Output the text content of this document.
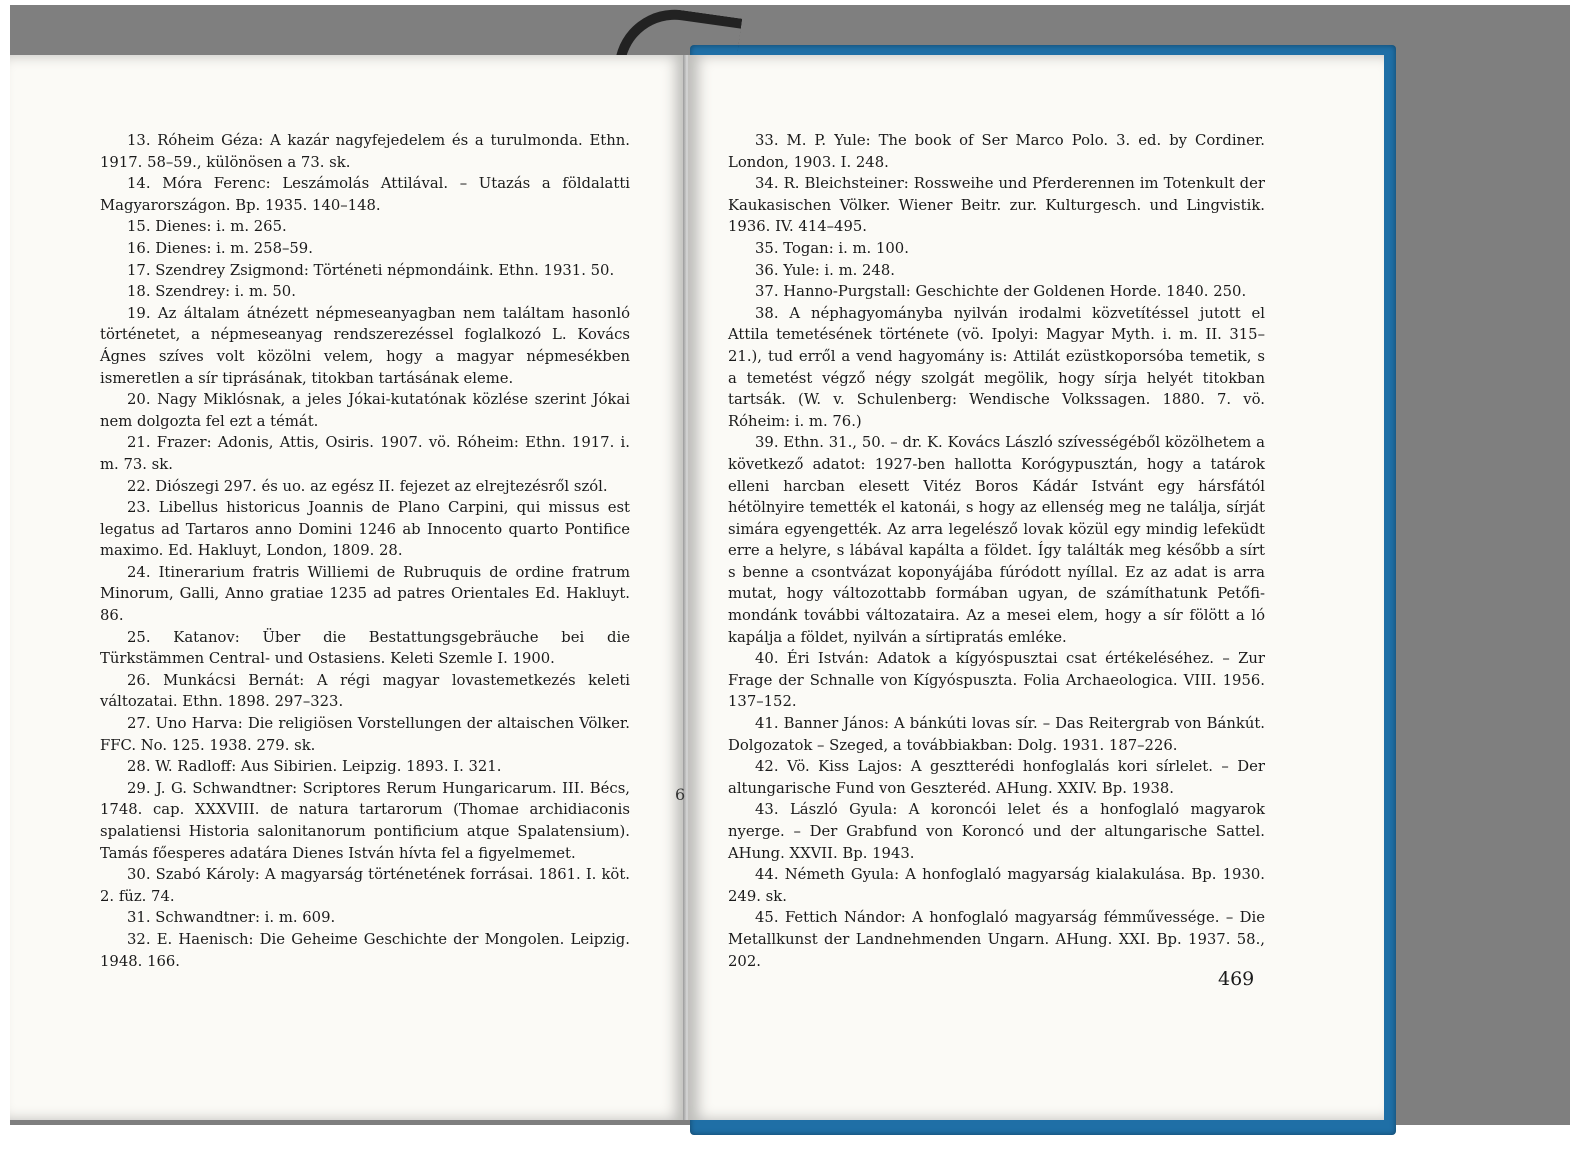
13. Róheim Géza: A kazár nagyfejedelem és a turulmonda. Ethn. 1917. 58–59., különösen a 73. sk.

14. Móra Ferenc: Leszámolás Attilával. – Utazás a földalatti Magyarországon. Bp. 1935. 140–148.

15. Dienes: i. m. 265.

16. Dienes: i. m. 258–59.

17. Szendrey Zsigmond: Történeti népmondáink. Ethn. 1931. 50.

18. Szendrey: i. m. 50.

19. Az általam átnézett népmeseanyagban nem találtam hasonló történetet, a népmeseanyag rendszerezéssel foglalkozó L. Kovács Ágnes szíves volt közölni velem, hogy a magyar népmesékben ismeretlen a sír tiprásának, titokban tartásának eleme.

20. Nagy Miklósnak, a jeles Jókai-kutatónak közlése szerint Jókai nem dolgozta fel ezt a témát.

21. Frazer: Adonis, Attis, Osiris. 1907. vö. Róheim: Ethn. 1917. i. m. 73. sk.

22. Diószegi 297. és uo. az egész II. fejezet az elrejtezésről szól.

23. Libellus historicus Joannis de Plano Carpini, qui missus est legatus ad Tartaros anno Domini 1246 ab Innocento quarto Pontifice maximo. Ed. Hakluyt, London, 1809. 28.

24. Itinerarium fratris Williemi de Rubruquis de ordine fratrum Minorum, Galli, Anno gratiae 1235 ad patres Orientales Ed. Hakluyt. 86.

25. Katanov: Über die Bestattungsgebräuche bei die Türkstämmen Central- und Ostasiens. Keleti Szemle I. 1900.

26. Munkácsi Bernát: A régi magyar lovastemetkezés keleti változatai. Ethn. 1898. 297–323.

27. Uno Harva: Die religiösen Vorstellungen der altaischen Völker. FFC. No. 125. 1938. 279. sk.

28. W. Radloff: Aus Sibirien. Leipzig. 1893. I. 321.

29. J. G. Schwandtner: Scriptores Rerum Hungaricarum. III. Bécs, 1748. cap. XXXVIII. de natura tartarorum (Thomae archidiaconis spalatiensi Historia salonitanorum pontificium atque Spalatensium). Tamás főesperes adatára Dienes István hívta fel a figyelmemet.

30. Szabó Károly: A magyarság történetének forrásai. 1861. I. köt. 2. füz. 74.

31. Schwandtner: i. m. 609.

32. E. Haenisch: Die Geheime Geschichte der Mongolen. Leipzig. 1948. 166.

33. M. P. Yule: The book of Ser Marco Polo. 3. ed. by Cordiner. London, 1903. I. 248.

34. R. Bleichsteiner: Rossweihe und Pferderennen im Totenkult der Kaukasischen Völker. Wiener Beitr. zur. Kulturgesch. und Lingvistik. 1936. IV. 414–495.

35. Togan: i. m. 100.

36. Yule: i. m. 248.

37. Hanno-Purgstall: Geschichte der Goldenen Horde. 1840. 250.

38. A néphagyományba nyilván irodalmi közvetítéssel jutott el Attila temetésének története (vö. Ipolyi: Magyar Myth. i. m. II. 315–21.), tud erről a vend hagyomány is: Attilát ezüstkoporsóba temetik, s a temetést végző négy szolgát megölik, hogy sírja helyét titokban tartsák. (W. v. Schulenberg: Wendische Volkssagen. 1880. 7. vö. Róheim: i. m. 76.)

39. Ethn. 31., 50. – dr. K. Kovács László szívességéből közölhetem a következő adatot: 1927-ben hallotta Korógypusztán, hogy a tatárok elleni harcban elesett Vitéz Boros Kádár Istvánt egy hársfától hétölnyire temették el katonái, s hogy az ellenség meg ne találja, sírját simára egyengették. Az arra legelésző lovak közül egy mindig lefeküdt erre a helyre, s lábával kapálta a földet. Így találták meg később a sírt s benne a csontvázat koponyájába fúródott nyíllal. Ez az adat is arra mutat, hogy változottabb formában ugyan, de számíthatunk Petőfi-mondánk további változataira. Az a mesei elem, hogy a sír fölött a ló kapálja a földet, nyilván a sírtipratás emléke.

40. Éri István: Adatok a kígyóspusztai csat értékeléséhez. – Zur Frage der Schnalle von Kígyóspuszta. Folia Archaeologica. VIII. 1956. 137–152.

41. Banner János: A bánkúti lovas sír. – Das Reitergrab von Bánkút. Dolgozatok – Szeged, a továbbiakban: Dolg. 1931. 187–226.

42. Vö. Kiss Lajos: A gesztterédi honfoglalás kori sírlelet. – Der altungarische Fund von Geszteréd. AHung. XXIV. Bp. 1938.

43. László Gyula: A koroncói lelet és a honfoglaló magyarok nyerge. – Der Grabfund von Koroncó und der altungarische Sattel. AHung. XXVII. Bp. 1943.

44. Németh Gyula: A honfoglaló magyarság kialakulása. Bp. 1930. 249. sk.

45. Fettich Nándor: A honfoglaló magyarság fémművessége. – Die Metallkunst der Landnehmenden Ungarn. AHung. XXI. Bp. 1937. 58., 202.

469
6
